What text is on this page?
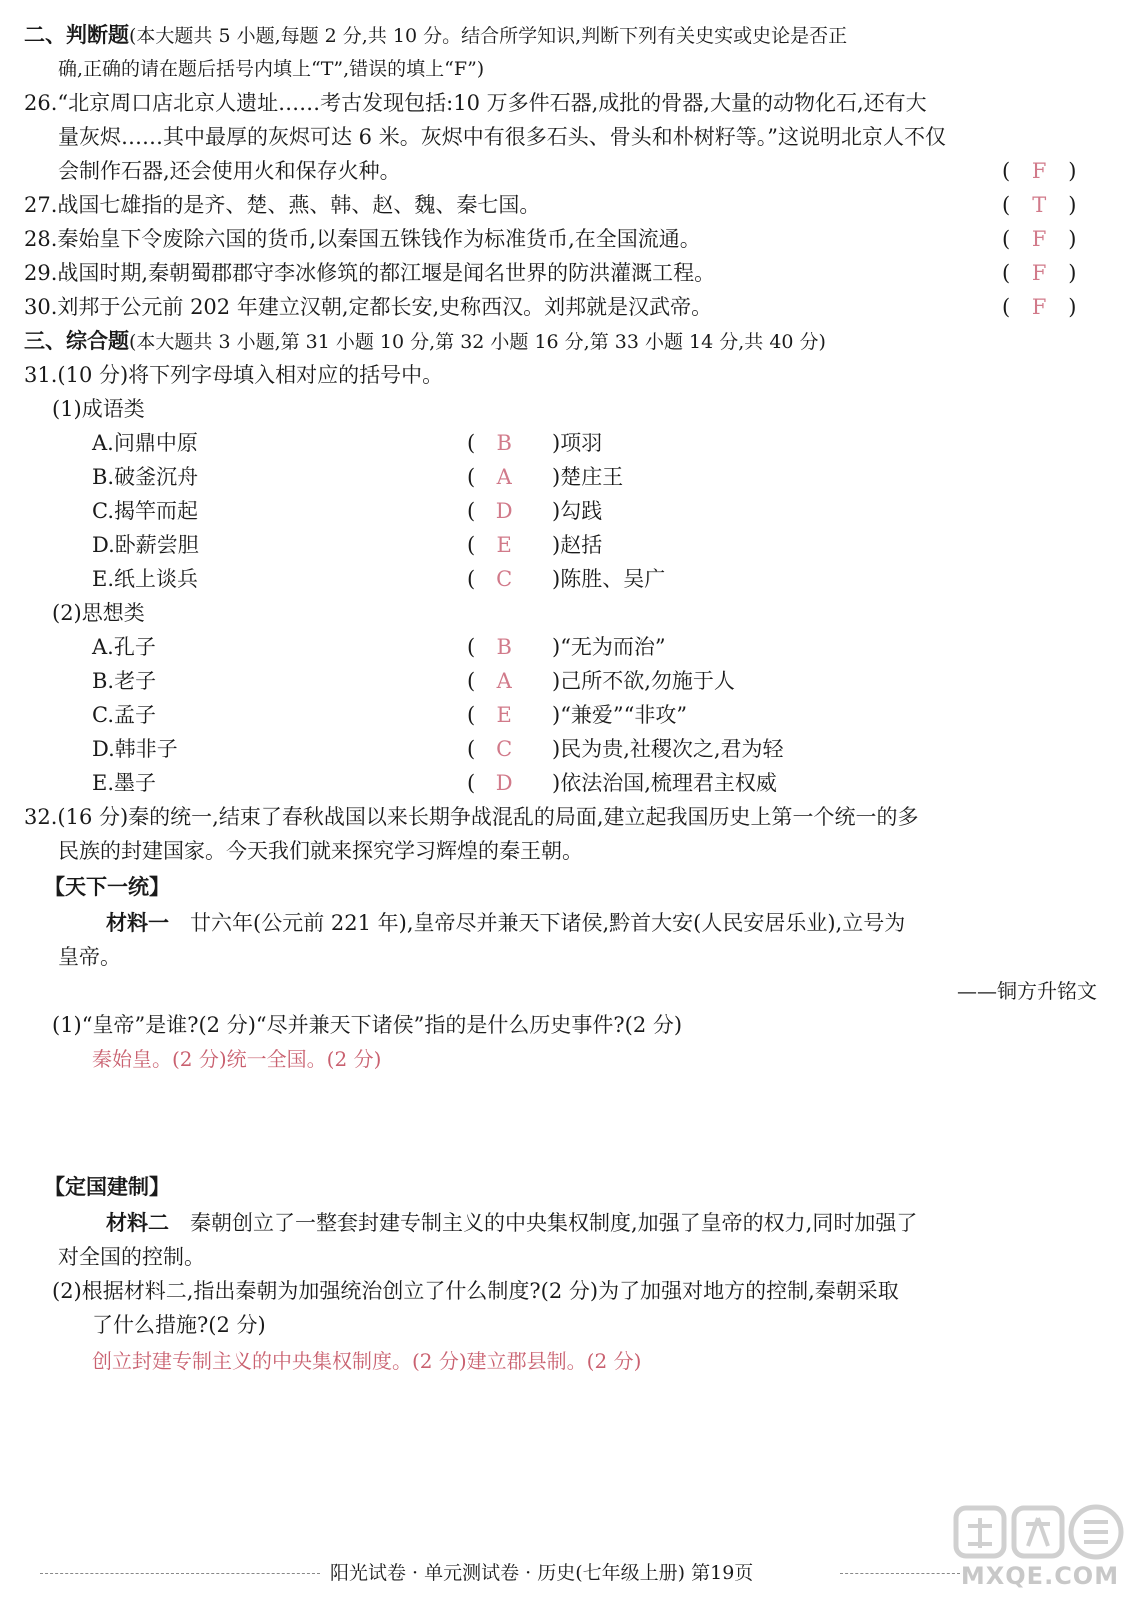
二、判断题(本大题共 5 小题,每题 2 分,共 10 分。结合所学知识,判断下列有关史实或史论是否正
确,正确的请在题后括号内填上“T”,错误的填上“F”)
26.“北京周口店北京人遗址……考古发现包括:10 万多件石器,成批的骨器,大量的动物化石,还有大
量灰烬……其中最厚的灰烬可达 6 米。灰烬中有很多石头、骨头和朴树籽等。”这说明北京人不仅
会制作石器,还会使用火和保存火种。	( F )
27.战国七雄指的是齐、楚、燕、韩、赵、魏、秦七国。	( T )
28.秦始皇下令废除六国的货币,以秦国五铢钱作为标准货币,在全国流通。	( F )
29.战国时期,秦朝蜀郡郡守李冰修筑的都江堰是闻名世界的防洪灌溉工程。	( F )
30.刘邦于公元前 202 年建立汉朝,定都长安,史称西汉。刘邦就是汉武帝。	( F )
三、综合题(本大题共 3 小题,第 31 小题 10 分,第 32 小题 16 分,第 33 小题 14 分,共 40 分)
31.(10 分)将下列字母填入相对应的括号中。
(1)成语类
A.问鼎中原	( B	)项羽
B.破釜沉舟	( A	)楚庄王
C.揭竿而起	( D	)勾践
D.卧薪尝胆	( E	)赵括
E.纸上谈兵	( C	)陈胜、吴广
(2)思想类
A.孔子	( B	)“无为而治”
B.老子	( A	)己所不欲,勿施于人
C.孟子	( E	)“兼爱”“非攻”
D.韩非子	( C	)民为贵,社稷次之,君为轻
E.墨子	( D	)依法治国,梳理君主权威
32.(16 分)秦的统一,结束了春秋战国以来长期争战混乱的局面,建立起我国历史上第一个统一的多
民族的封建国家。今天我们就来探究学习辉煌的秦王朝。
【天下一统】
材料一　 廿六年(公元前 221 年),皇帝尽并兼天下诸侯,黔首大安(人民安居乐业),立号为
皇帝。
——铜方升铭文
(1)“皇帝”是谁?(2 分)“尽并兼天下诸侯”指的是什么历史事件?(2 分)
秦始皇。(2 分)统一全国。(2 分)
【定国建制】
材料二　 秦朝创立了一整套封建专制主义的中央集权制度,加强了皇帝的权力,同时加强了
对全国的控制。
(2)根据材料二,指出秦朝为加强统治创立了什么制度?(2 分)为了加强对地方的控制,秦朝采取
了什么措施?(2 分)
创立封建专制主义的中央集权制度。(2 分)建立郡县制。(2 分)
阳光试卷 · 单元测试卷 · 历史(七年级上册) 第19页	MXQE.COM
